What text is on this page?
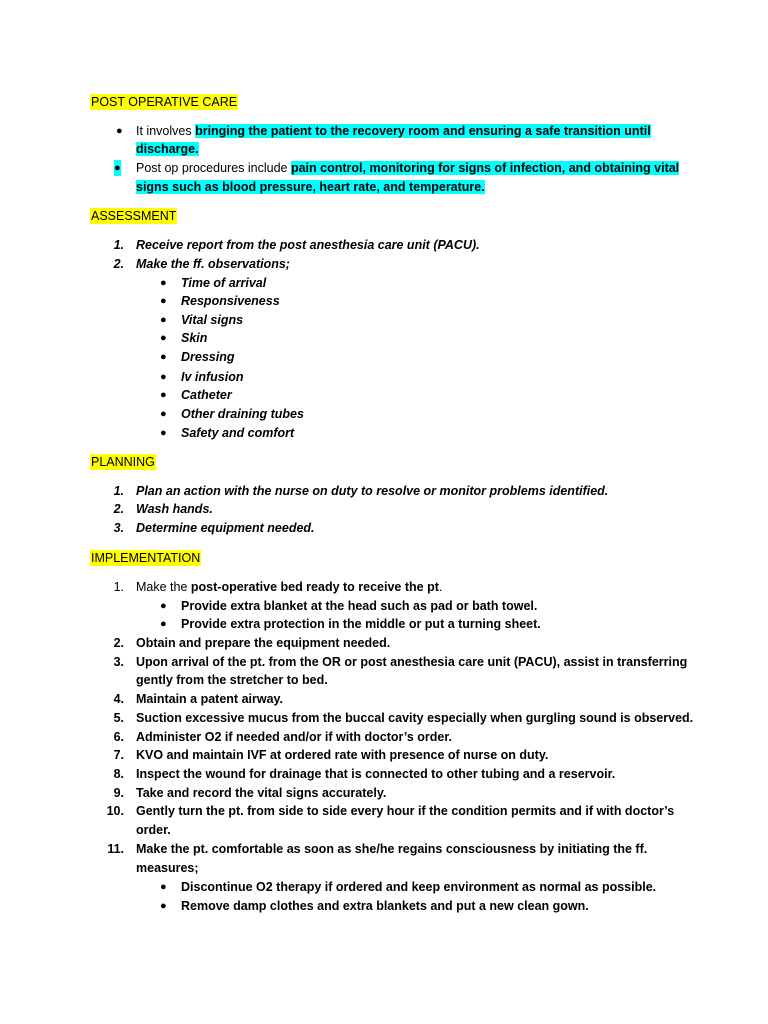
POST OPERATIVE CARE
● It involves bringing the patient to the recovery room and ensuring a safe transition until
discharge.
● Post op procedures include pain control, monitoring for signs of infection, and obtaining vital
signs such as blood pressure, heart rate, and temperature.
ASSESSMENT
1. Receive report from the post anesthesia care unit (PACU).
2. Make the ff. observations;
● Time of arrival
● Responsiveness
● Vital signs
● Skin
● Dressing
● Iv infusion
● Catheter
● Other draining tubes
● Safety and comfort
PLANNING
1. Plan an action with the nurse on duty to resolve or monitor problems identified.
2. Wash hands.
3. Determine equipment needed.
IMPLEMENTATION
1. Make the post-operative bed ready to receive the pt.
● Provide extra blanket at the head such as pad or bath towel.
● Provide extra protection in the middle or put a turning sheet.
2. Obtain and prepare the equipment needed.
3. Upon arrival of the pt. from the OR or post anesthesia care unit (PACU), assist in transferring
gently from the stretcher to bed.
4. Maintain a patent airway.
5. Suction excessive mucus from the buccal cavity especially when gurgling sound is observed.
6. Administer O2 if needed and/or if with doctor’s order.
7. KVO and maintain IVF at ordered rate with presence of nurse on duty.
8. Inspect the wound for drainage that is connected to other tubing and a reservoir.
9. Take and record the vital signs accurately.
10. Gently turn the pt. from side to side every hour if the condition permits and if with doctor’s
order.
11. Make the pt. comfortable as soon as she/he regains consciousness by initiating the ff.
measures;
● Discontinue O2 therapy if ordered and keep environment as normal as possible.
● Remove damp clothes and extra blankets and put a new clean gown.
